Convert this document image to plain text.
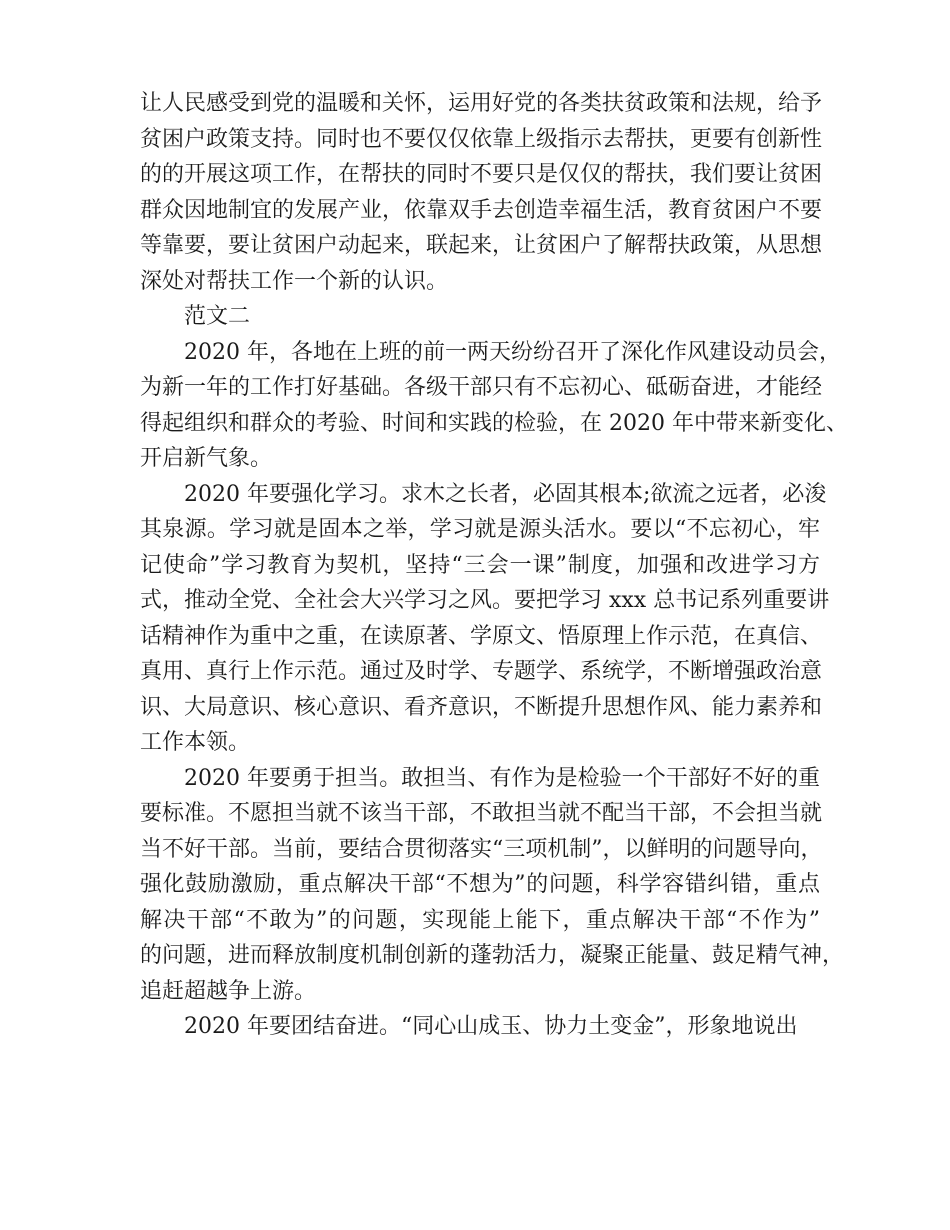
让人民感受到党的温暖和关怀，运用好党的各类扶贫政策和法规，给予
贫困户政策支持。同时也不要仅仅依靠上级指示去帮扶，更要有创新性
的的开展这项工作，在帮扶的同时不要只是仅仅的帮扶，我们要让贫困
群众因地制宜的发展产业，依靠双手去创造幸福生活，教育贫困户不要
等靠要，要让贫困户动起来，联起来，让贫困户了解帮扶政策，从思想
深处对帮扶工作一个新的认识。
范文二
2020 年，各地在上班的前一两天纷纷召开了深化作风建设动员会，
为新一年的工作打好基础。各级干部只有不忘初心、砥砺奋进，才能经
得起组织和群众的考验、时间和实践的检验，在 2020 年中带来新变化、
开启新气象。
2020 年要强化学习。求木之长者，必固其根本;欲流之远者，必浚
其泉源。学习就是固本之举，学习就是源头活水。要以“不忘初心，牢
记使命”学习教育为契机，坚持“三会一课”制度，加强和改进学习方
式，推动全党、全社会大兴学习之风。要把学习 xxx 总书记系列重要讲
话精神作为重中之重，在读原著、学原文、悟原理上作示范，在真信、
真用、真行上作示范。通过及时学、专题学、系统学，不断增强政治意
识、大局意识、核心意识、看齐意识，不断提升思想作风、能力素养和
工作本领。
2020 年要勇于担当。敢担当、有作为是检验一个干部好不好的重
要标准。不愿担当就不该当干部，不敢担当就不配当干部，不会担当就
当不好干部。当前，要结合贯彻落实“三项机制”，以鲜明的问题导向，
强化鼓励激励，重点解决干部“不想为”的问题，科学容错纠错，重点
解决干部“不敢为”的问题，实现能上能下，重点解决干部“不作为”
的问题，进而释放制度机制创新的蓬勃活力，凝聚正能量、鼓足精气神，
追赶超越争上游。
2020 年要团结奋进。“同心山成玉、协力土变金”，形象地说出
